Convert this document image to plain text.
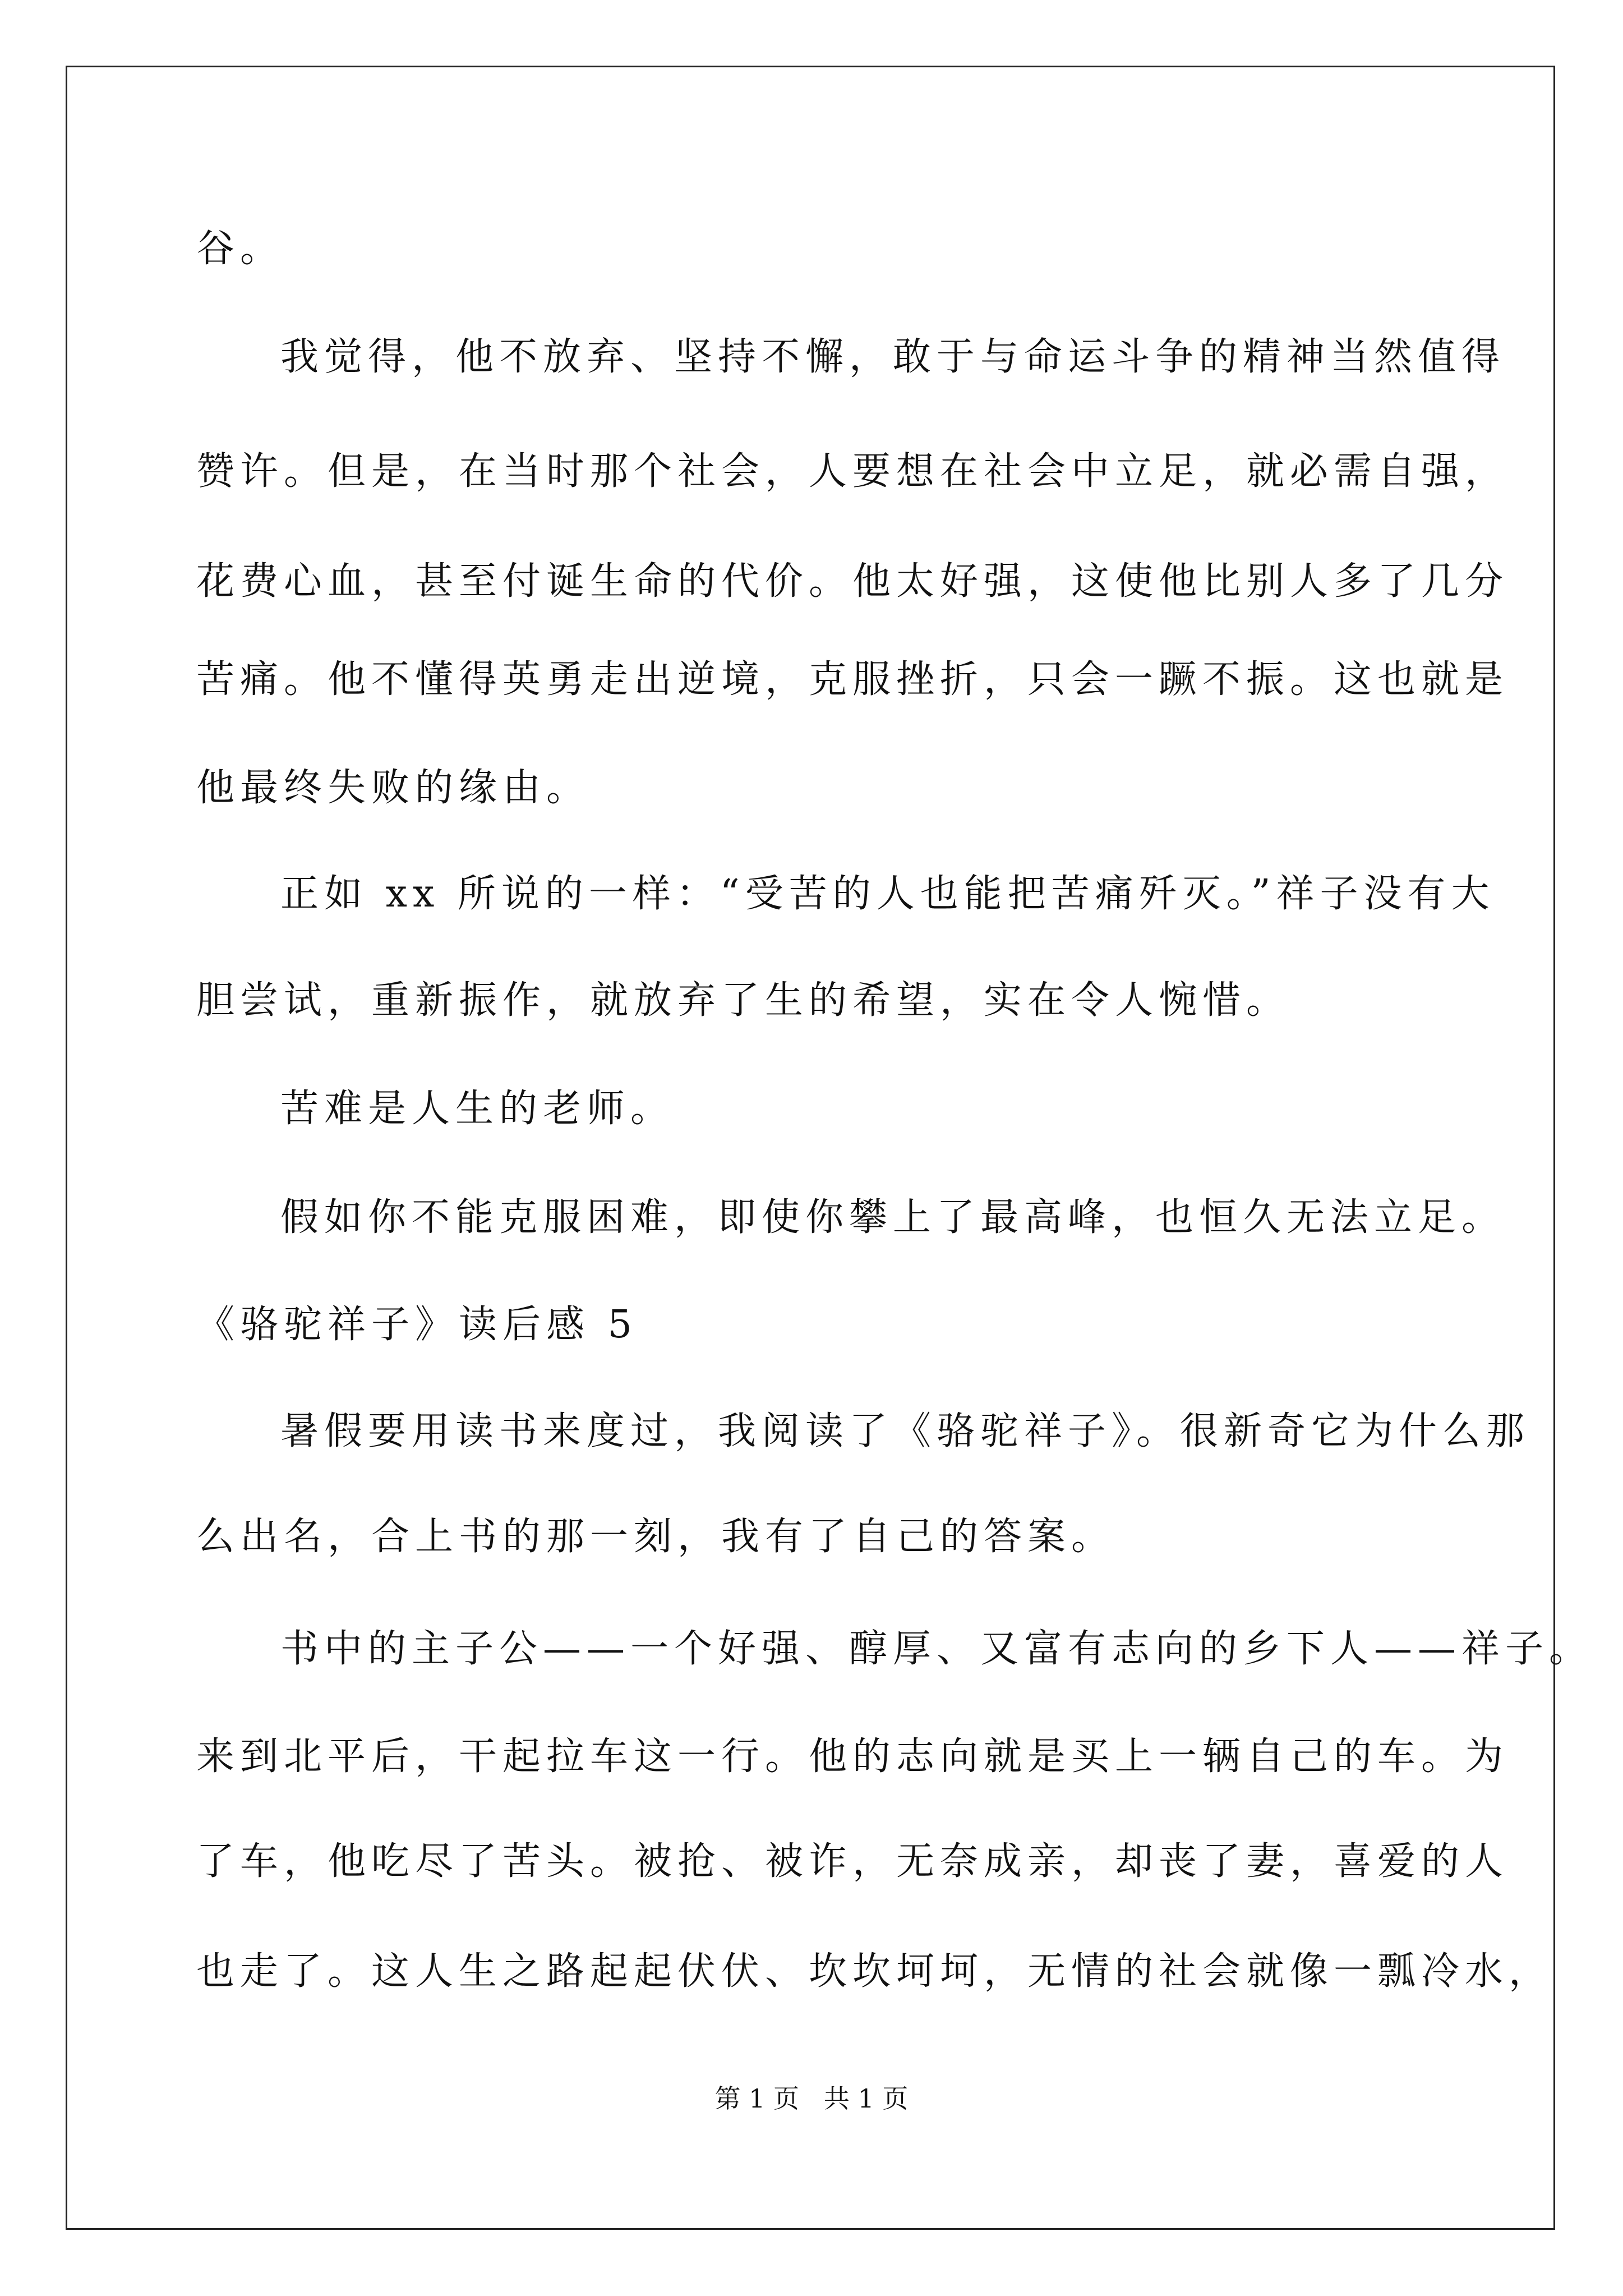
谷。

我觉得，他不放弃、坚持不懈，敢于与命运斗争的精神当然值得

赞许。但是，在当时那个社会，人要想在社会中立足，就必需自强，

花费心血，甚至付诞生命的代价。他太好强，这使他比别人多了几分

苦痛。他不懂得英勇走出逆境，克服挫折，只会一蹶不振。这也就是

他最终失败的缘由。

正如 xx 所说的一样：“受苦的人也能把苦痛歼灭。”祥子没有大

胆尝试，重新振作，就放弃了生的希望，实在令人惋惜。

苦难是人生的老师。

假如你不能克服困难，即使你攀上了最高峰，也恒久无法立足。

《骆驼祥子》读后感 5

暑假要用读书来度过，我阅读了《骆驼祥子》。很新奇它为什么那

么出名，合上书的那一刻，我有了自己的答案。

书中的主子公——一个好强、醇厚、又富有志向的乡下人——祥子。

来到北平后，干起拉车这一行。他的志向就是买上一辆自己的车。为

了车，他吃尽了苦头。被抢、被诈，无奈成亲，却丧了妻，喜爱的人

也走了。这人生之路起起伏伏、坎坎坷坷，无情的社会就像一瓢冷水，

第 1 页   共 1 页
